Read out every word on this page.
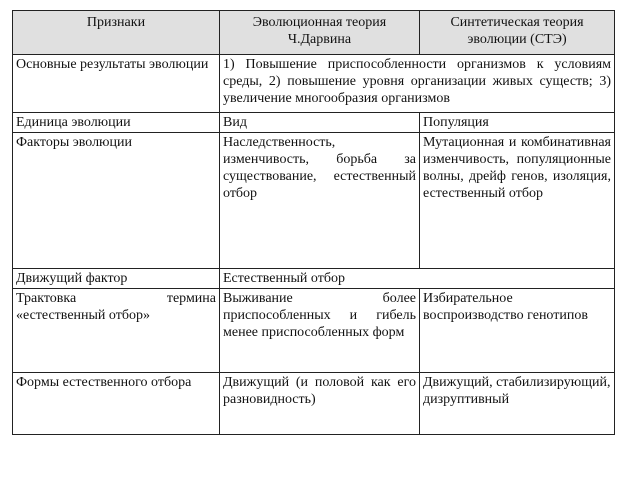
Признаки	Эволюционная теория Ч.Дарвина	Синтетическая теория эволюции (СТЭ)
Основные результаты эволюции	1) Повышение приспособленности организмов к условиям среды, 2) повышение уровня организации живых существ; 3) увеличение многообразия организмов	
Единица эволюции	Вид	Популяция
Факторы эволюции	Наследственность, изменчивость, борьба за существование, естественный отбор	Мутационная и комбинативная изменчивость, популяционные волны, дрейф генов, изоляция, естественный отбор
Движущий фактор	Естественный отбор	
Трактовка термина «естественный отбор»	Выживание более приспособленных и гибель менее приспособленных форм	Избирательное воспроизводство генотипов
Формы естественного отбора	Движущий (и половой как его разновидность)	Движущий, стабилизирующий, дизруптивный
